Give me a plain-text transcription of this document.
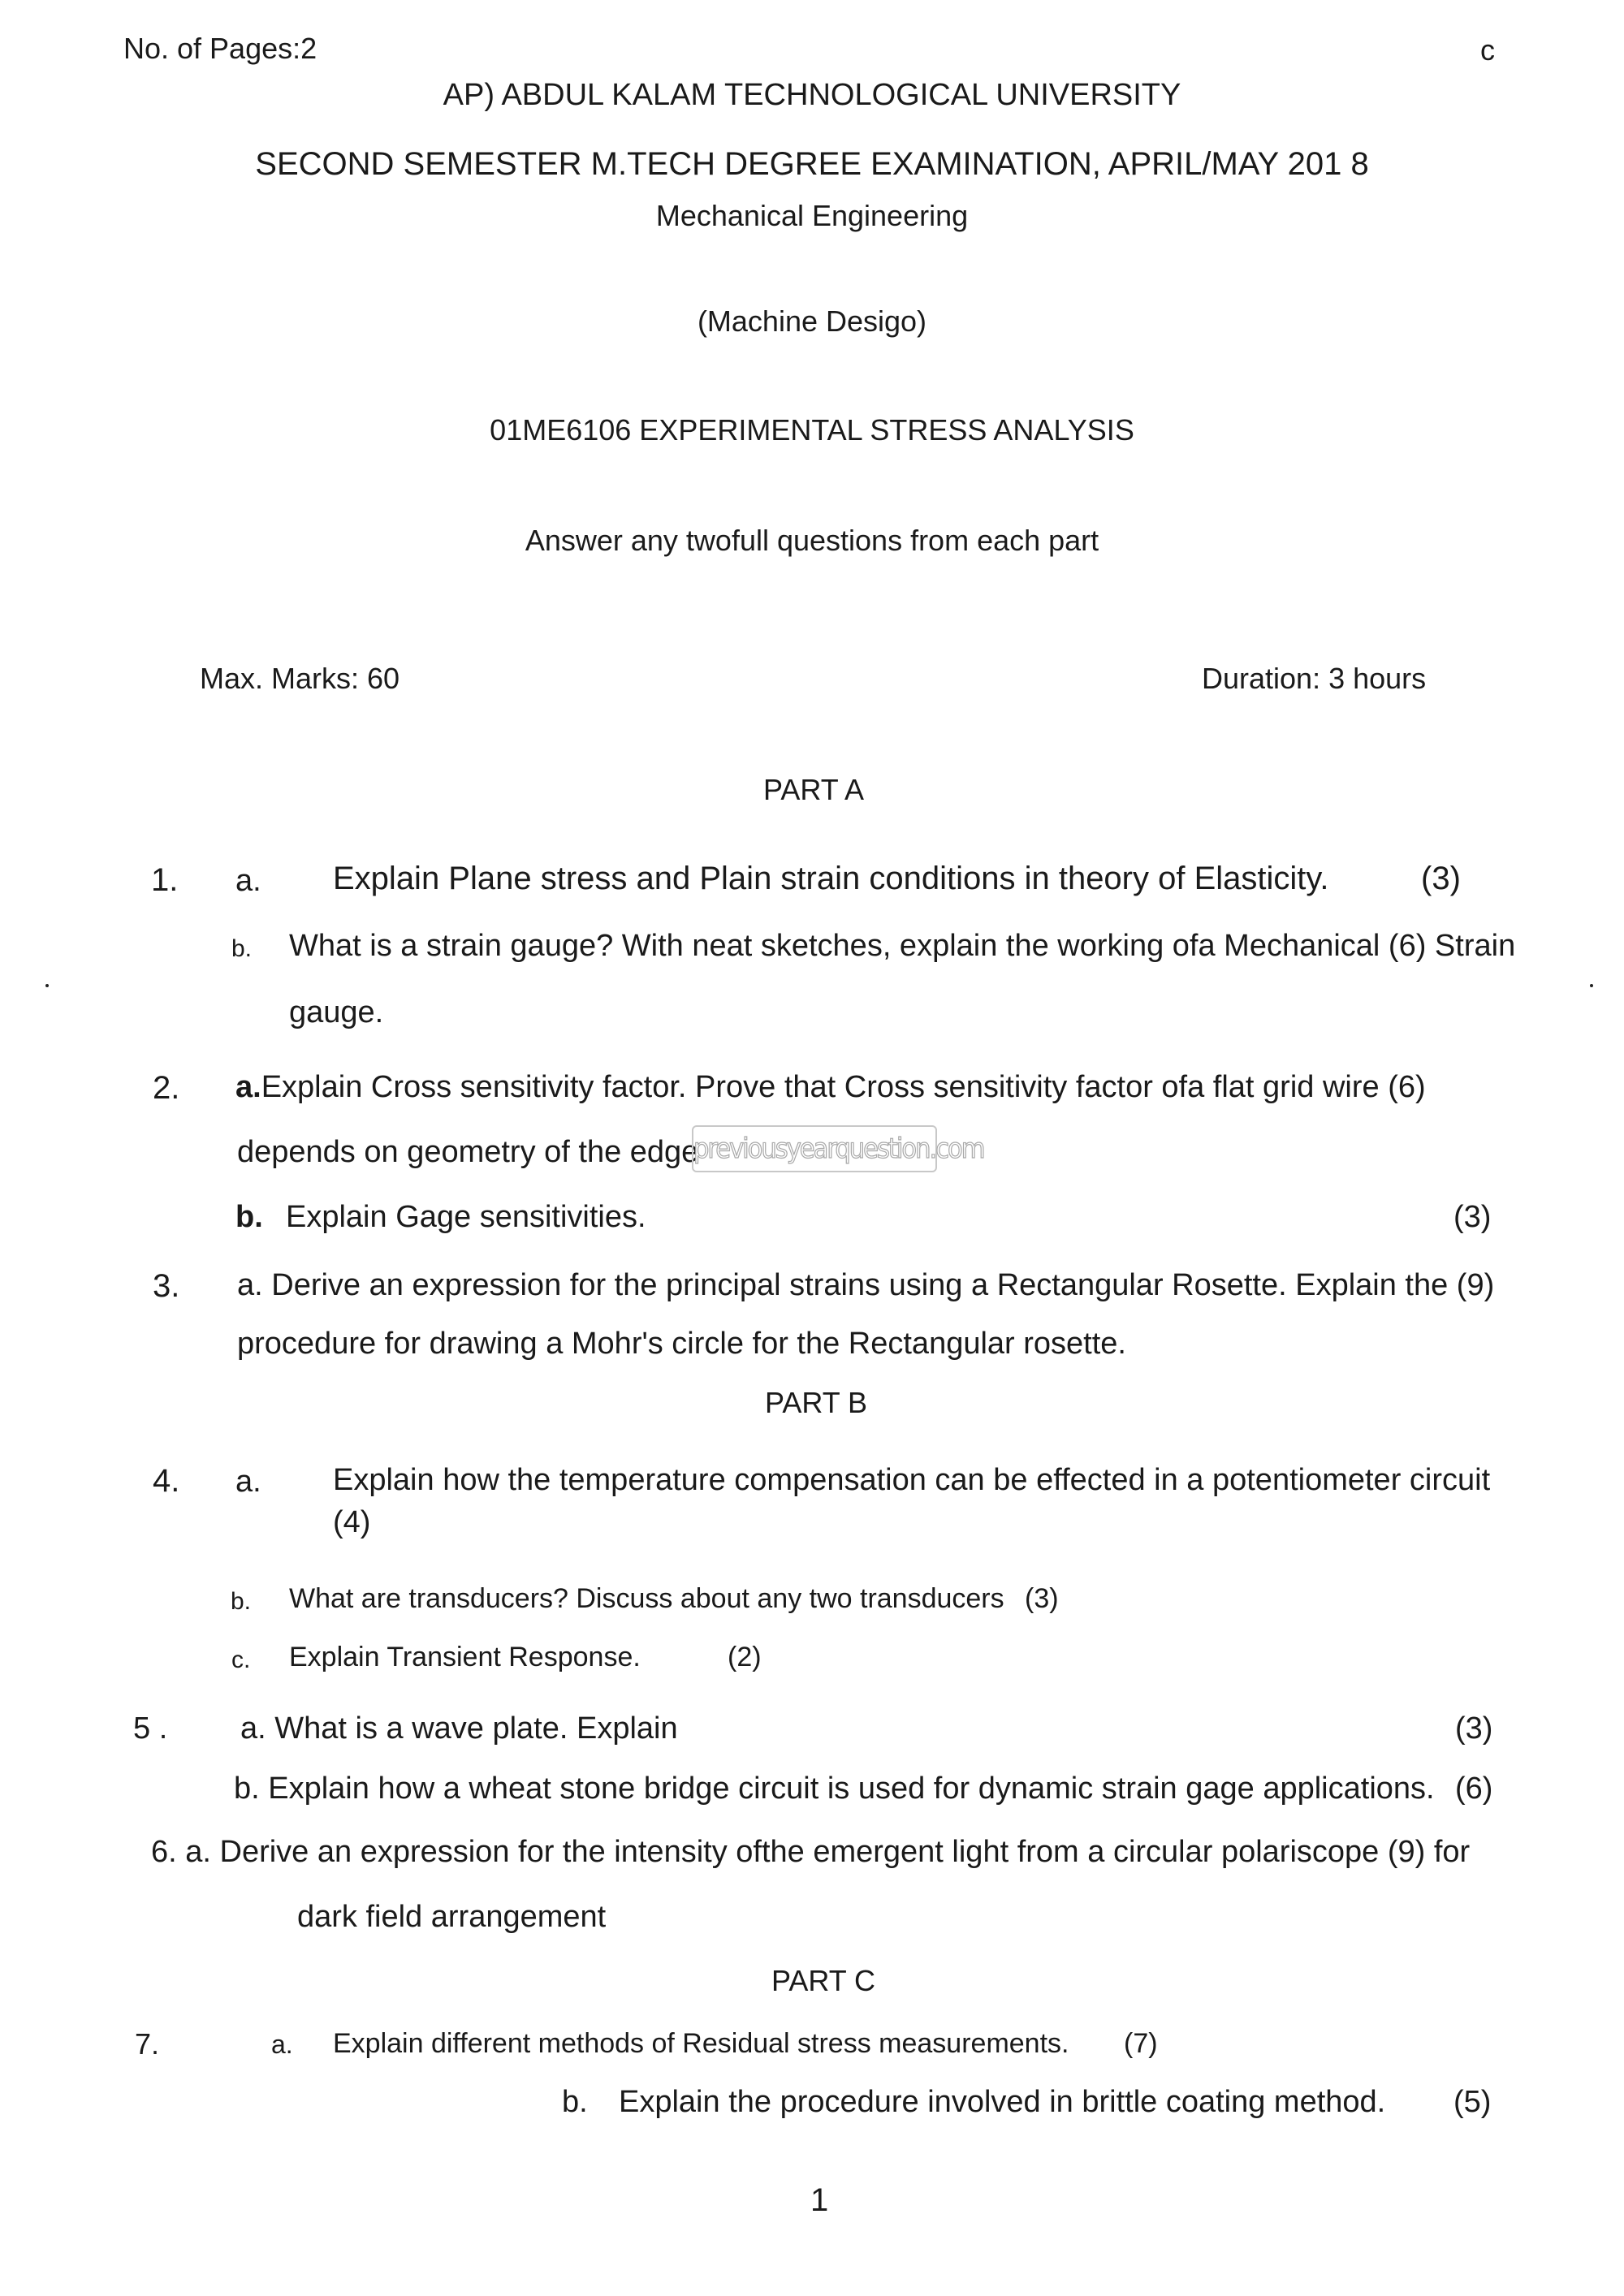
No. of Pages:2	c
AP) ABDUL KALAM TECHNOLOGICAL UNIVERSITY
SECOND SEMESTER M.TECH DEGREE EXAMINATION, APRIL/MAY 201 8
Mechanical Engineering
(Machine Desigo)
01ME6106 EXPERIMENTAL STRESS ANALYSIS
Answer any twofull questions from each part
Max. Marks: 60	Duration: 3 hours
PART A
1. a. Explain Plane stress and Plain strain conditions in theory of Elasticity.	(3)
b. What is a strain gauge? With neat sketches, explain the working ofa Mechanical (6) Strain
gauge.
2. a.Explain Cross sensitivity factor. Prove that Cross sensitivity factor ofa flat grid wire (6)
depends on geometry of the edge
previousyearquestion.com
b. Explain Gage sensitivities.	(3)
3. a. Derive an expression for the principal strains using a Rectangular Rosette. Explain the (9)
procedure for drawing a Mohr's circle for the Rectangular rosette.
PART B
4. a. Explain how the temperature compensation can be effected in a potentiometer circuit
(4)
b. What are transducers? Discuss about any two transducers (3)
c. Explain Transient Response.	(2)
5 . a. What is a wave plate. Explain	(3)
b. Explain how a wheat stone bridge circuit is used for dynamic strain gage applications. (6)
6. a. Derive an expression for the intensity ofthe emergent light from a circular polariscope (9) for
dark field arrangement
PART C
7.	a. Explain different methods of Residual stress measurements. (7)
b. Explain the procedure involved in brittle coating method. (5)
1
